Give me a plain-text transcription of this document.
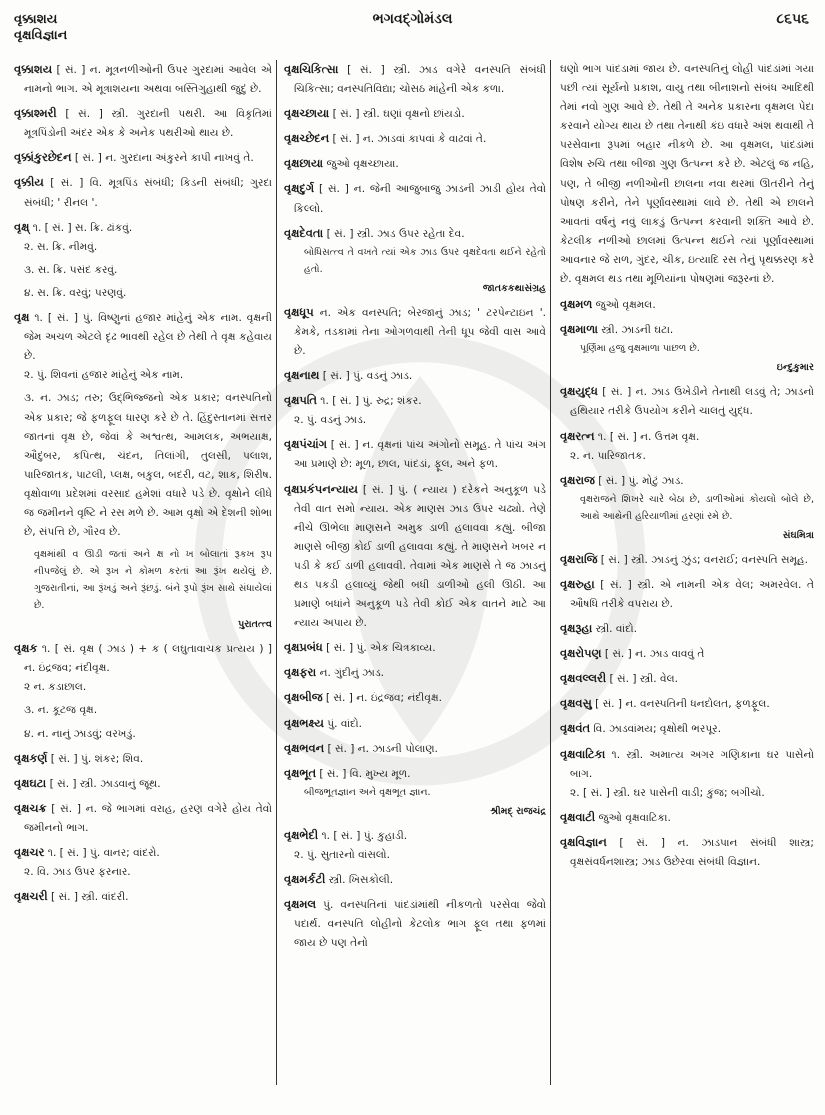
વૃક્કાશય
વૃક્ષવિજ્ઞાન
ભગવદ્ગોમંડલ	૮૬૫૬
વૃક્કાશય [ સં. ] ન. મૂત્રનળીઓની ઉપર ગુરદામાં આવેલ એ નામનો ભાગ. એ મૂત્રાશયના અથવા બસ્તિગુહાથી જુદું છે.
વૃક્કાશ્મરી [ સં. ] સ્ત્રી. ગુરદાની પથરી. આ વિકૃતિમાં મૂત્રપિંડોની અંદર એક કે અનેક પથરીઓ થાય છે.
વૃક્કાંકુરછેદન [ સં. ] ન. ગુરદાના અંકુરને કાપી નાખવું તે.
વૃક્કીય [ સં. ] વિ. મૂત્રપિંડ સંબંધી; કિડની સંબંધી; ગુરદા સંબંધી; ' રીનલ '.
વૃક્ષ્ ૧. [ સં. ] સ. ક્રિ. ઢાંકવું.
૨. સ. ક્રિ. નીમવું.
૩. સ. ક્રિ. પસંદ કરવું.
૪. સ. ક્રિ. વરવું; પરણવું.
વૃક્ષ ૧. [ સં. ] પું. વિષ્ણુનાં હજાર માંહેનું એક નામ. વૃક્ષની જેમ અચળ એટલે દૃઢ ભાવથી રહેલ છે તેથી તે વૃક્ષ કહેવાય છે.
૨. પું. શિવનાં હજાર માંહેનું એક નામ.
૩. ન. ઝાડ; તરુ; ઉદ્‌ભિજ્જનો એક પ્રકાર; વનસ્પતિનો એક પ્રકાર; જે ફળફૂલ ધારણ કરે છે તે. હિંદુસ્તાનમાં સત્તર જાતનાં વૃક્ષ છે, જેવાં કે અશ્વત્થ, આમલક, અભયાક્ષ, ઔદુંબર, કપિત્થ, ચંદન, તિલાંગી, તુલસી, પલાશ, પારિજાતક, પાટલી, પ્લક્ષ, બકુલ, બદરી, વટ, શાક, શિરીષ. વૃક્ષોવાળા પ્રદેશમાં વરસાદ હમેશાં વધારે પડે છે. વૃક્ષોને લીધે જ જમીનને વૃષ્ટિ ને રસ મળે છે. આમ વૃક્ષો એ દેશની શોભા છે, સંપત્તિ છે, ગૌરવ છે.
વૃક્ષમાંથી વ ઊડી જતાં અને ક્ષ નો ખ બોલાતાં રૂકખ રૂપ નીપજેલું છે. એ રૂખ ને કોમળ કરતાં આ રૂંખ થયેલું છે. ગુજરાતીનાં, આ રૂંખડું અને રૂંછડું. બંને રૂપો રૂંખ સાથે સંધાયેલાં છે.
પુરાતત્ત્વ
વૃક્ષક ૧. [ સં. વૃક્ષ ( ઝાડ ) + ક ( લઘુતાવાચક પ્રત્યય ) ] ન. ઇંદ્રજવ; નંદીવૃક્ષ.
૨ ન. કડાછાલ.
૩. ન. કૂટજ વૃક્ષ.
૪. ન. નાનું ઝાડવું; વરખડું.
વૃક્ષકર્ણ [ સં. ] પું. શંકર; શિવ.
વૃક્ષઘટા [ સં. ] સ્ત્રી. ઝાડવાનું જૂથ.
વૃક્ષચક્ર [ સં. ] ન. જે ભાગમાં વરાહ, હરણ વગેરે હોય તેવો જમીનનો ભાગ.
વૃક્ષચર ૧. [ સં. ] પું. વાનર; વાંદરો.
૨. વિ. ઝાડ ઉપર ફરનાર.
વૃક્ષચરી [ સં. ] સ્ત્રી. વાંદરી.
વૃક્ષચિકિત્સા [ સં. ] સ્ત્રી. ઝાડ વગેરે વનસ્પતિ સંબંધી ચિકિત્સા; વનસ્પતિવિદ્યા; ચોસઠ માંહેની એક કળા.
વૃક્ષચ્છાયા [ સં. ] સ્ત્રી. ઘણાં વૃક્ષનો છાંયડો.
વૃક્ષચ્છેદન [ સં. ] ન. ઝાડવાં કાપવાં કે વાઢવાં તે.
વૃક્ષછાયા જુઓ વૃક્ષચ્છાયા.
વૃક્ષદુર્ગ [ સં. ] ન. જેની આજુબાજુ ઝાડની ઝાડી હોય તેવો કિલ્લો.
વૃક્ષદેવતા [ સં. ] સ્ત્રી. ઝાડ ઉપર રહેતા દેવ.
બોધિસત્ત્વ તે વખતે ત્યાં એક ઝાડ ઉપર વૃક્ષદેવતા થઈને રહેતો હતો.
જાતકકથાસંગ્રહ
વૃક્ષધૂપ ન. એક વનસ્પતિ; બેરજાનું ઝાડ; ' ટરપેન્ટાઇન '. કેમકે, તડકામાં તેના ઓગળવાથી તેની ધૂપ જેવી વાસ આવે છે.
વૃક્ષનાથ [ સં. ] પું. વડનું ઝાડ.
વૃક્ષપતિ ૧. [ સં. ] પું. રુદ્ર; શંકર.
૨. પું. વડનું ઝાડ.
વૃક્ષપંચાંગ [ સં. ] ન. વૃક્ષનાં પાંચ અંગોનો સમૂહ. તે પાંચ અંગ આ પ્રમાણે છે: મૂળ, છાલ, પાંદડાં, ફૂલ, અને ફળ.
વૃક્ષપ્રકંપનન્યાય [ સં. ] પું. ( ન્યાય ) દરેકને અનુકૂળ પડે તેવી વાત સમો ન્યાય. એક માણસ ઝાડ ઉપર ચઢ્યો. તેણે નીચે ઊભેલા માણસને અમુક ડાળી હલાવવા કહ્યું. બીજા માણસે બીજી કોઈ ડાળી હલાવવા કહ્યું. તે માણસને ખબર ન પડી કે કઈ ડાળી હલાવવી. તેવામાં એક માણસે તે જ ઝાડનું થડ પકડી હલાવ્યું જેથી બધી ડાળીઓ હલી ઊઠી. આ પ્રમાણે બધાંને અનુકૂળ પડે તેવી કોઈ એક વાતને માટે આ ન્યાય અપાય છે.
વૃક્ષપ્રબંધ [ સં. ] પું. એક ચિત્રકાવ્ય.
વૃક્ષફરા ન. ગુંદીનું ઝાડ.
વૃક્ષબીજ [ સં. ] ન. ઇંદ્રજવ; નંદીવૃક્ષ.
વૃક્ષભક્ષ્ય પું. વાંદો.
વૃક્ષભવન [ સં. ] ન. ઝાડની પોલાણ.
વૃક્ષભૂત [ સં. ] વિ. મુખ્ય મૂળ.
બીજભૂતજ્ઞાન અને વૃક્ષભૂત જ્ઞાન.
શ્રીમદ્ રાજચંદ્ર
વૃક્ષભેદી ૧. [ સં. ] પું. કુહાડી.
૨. પું. સુતારનો વાંસલો.
વૃક્ષમર્કટી સ્ત્રી. ખિસકોલી.
વૃક્ષમલ પું. વનસ્પતિનાં પાંદડાંમાંથી નીકળતો પરસેવા જેવો પદાર્થ. વનસ્પતિ લોહીનો કેટલોક ભાગ ફૂલ તથા ફળમાં જાય છે પણ તેનો
ઘણો ભાગ પાંદડામાં જાય છે. વનસ્પતિનું લોહી પાંદડાંમાં ગયા પછી ત્યાં સૂર્યનો પ્રકાશ, વાયુ તથા બીનાશનો સંબંધ આદિથી તેમાં નવો ગુણ આવે છે. તેથી તે અનેક પ્રકારના વૃક્ષમલ પેદા કરવાને યોગ્ય થાય છે તથા તેનાથી કંઇ વધારે અંશ થવાથી તે પરસેવાના રૂપમાં બહાર નીકળે છે. આ વૃક્ષમલ, પાંદડાંમાં વિશેષ રુચિ તથા બીજા ગુણ ઉત્પન્ન કરે છે. એટલું જ નહિ, પણ, તે બીજી નળીઓની છાલના નવા થરમાં ઊતરીને તેનું પોષણ કરીને, તેને પૂર્ણાવસ્થામાં લાવે છે. તેથી એ છાલને આવતાં વર્ષનું નવું લાકડું ઉત્પન્ન કરવાની શક્તિ આવે છે. કેટલીક નળીઓ છાલમાં ઉત્પન્ન થઈને ત્યાં પૂર્ણાવસ્થામાં આવનાર જે રાળ, ગુંદર, ચીક, ઇત્યાદિ રસ તેનું પૃથક્કરણ કરે છે. વૃક્ષમલ થડ તથા મૂળિયાંના પોષણમાં જરૂરનાં છે.
વૃક્ષમળ જુઓ વૃક્ષમલ.
વૃક્ષમાળા સ્ત્રી. ઝાડની ઘટા.
પૂર્ણિમા હજુ વૃક્ષમાળા પાછળ છે.
ઇન્દુકુમાર
વૃક્ષયુદ્ધ [ સં. ] ન. ઝાડ ઉખેડીને તેનાથી લડવું તે; ઝાડનો હથિયાર તરીકે ઉપયોગ કરીને ચાલતું યુદ્ધ.
વૃક્ષરત્ન ૧. [ સં. ] ન. ઉત્તમ વૃક્ષ.
૨. ન. પારિજાતક.
વૃક્ષરાજ [ સં. ] પું. મોટું ઝાડ.
વૃક્ષરાજને શિખરે ચારે બેઠા છે, ડાળીઓમાં કોયલો બોલે છે, આથે આથેની હરિયાળીમાં હરણાં રમે છે.
સંઘમિત્રા
વૃક્ષરાજિ [ સં. ] સ્ત્રી. ઝાડનું ઝુંડ; વનરાઈ; વનસ્પતિ સમૂહ.
વૃક્ષરુહા [ સં. ] સ્ત્રી. એ નામની એક વેલ; અમરવેલ. તે ઔષધિ તરીકે વપરાય છે.
વૃક્ષરૂહા સ્ત્રી. વાંદો.
વૃક્ષરોપણ [ સં. ] ન. ઝાડ વાવવું તે
વૃક્ષવલ્લરી [ સં. ] સ્ત્રી. વેલ.
વૃક્ષવસુ [ સં. ] ન. વનસ્પતિની ધનદોલત, ફળફૂલ.
વૃક્ષવંત વિ. ઝાડવાંમય; વૃક્ષોથી ભરપૂર.
વૃક્ષવાટિકા ૧. સ્ત્રી. અમાત્ય અગર ગણિકાના ઘર પાસેનો બાગ.
૨. [ સં. ] સ્ત્રી. ઘર પાસેની વાડી; કુંજ; બગીચો.
વૃક્ષવાટી જુઓ વૃક્ષવાટિકા.
વૃક્ષવિજ્ઞાન [ સં. ] ન. ઝાડપાન સંબંધી શાસ્ત્ર; વૃક્ષસંવર્ધનશાસ્ત્ર; ઝાડ ઉછેરવા સંબંધી વિજ્ઞાન.
